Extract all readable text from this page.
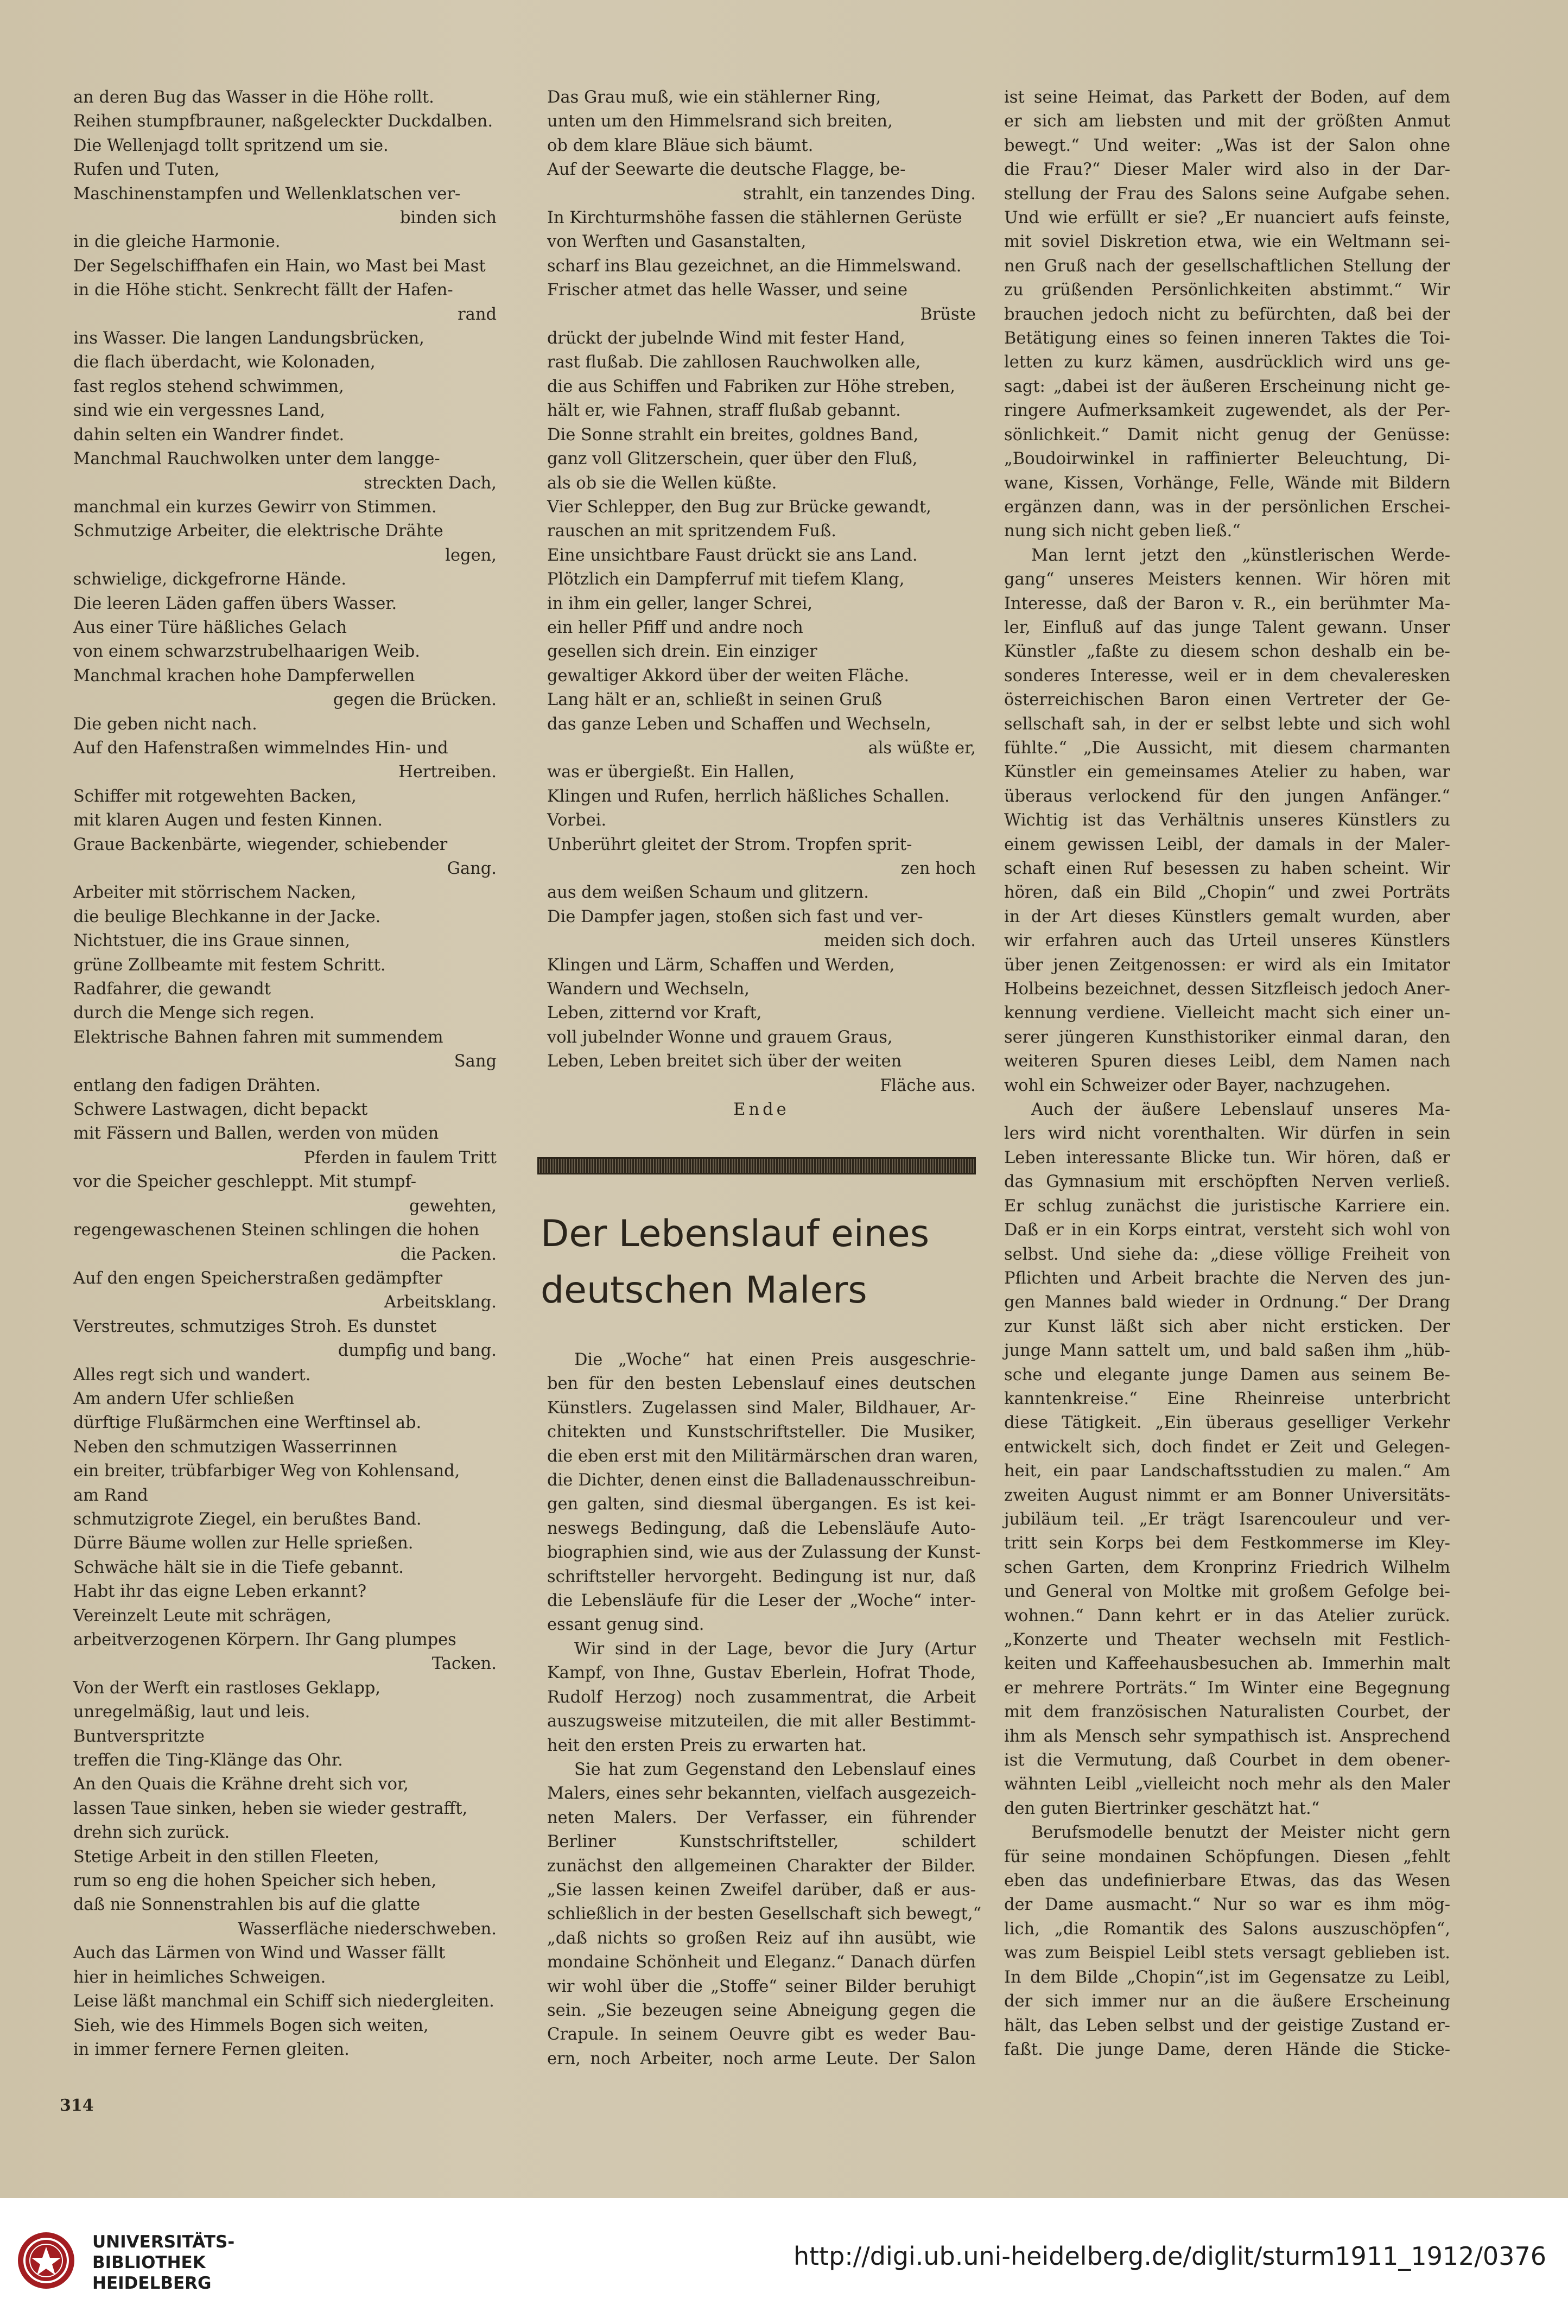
an deren Bug das Wasser in die Höhe rollt.

Reihen stumpfbrauner, naßgeleckter Duckdalben.

Die Wellenjagd tollt spritzend um sie.

Rufen und Tuten,

Maschinenstampfen und Wellenklatschen ver-

binden sich

in die gleiche Harmonie.

Der Segelschiffhafen ein Hain, wo Mast bei Mast

in die Höhe sticht. Senkrecht fällt der Hafen-

rand

ins Wasser. Die langen Landungsbrücken,

die flach überdacht, wie Kolonaden,

fast reglos stehend schwimmen,

sind wie ein vergessnes Land,

dahin selten ein Wandrer findet.

Manchmal Rauchwolken unter dem langge-

streckten Dach,

manchmal ein kurzes Gewirr von Stimmen.

Schmutzige Arbeiter, die elektrische Drähte

legen,

schwielige, dickgefrorne Hände.

Die leeren Läden gaffen übers Wasser.

Aus einer Türe häßliches Gelach

von einem schwarzstrubelhaarigen Weib.

Manchmal krachen hohe Dampferwellen

gegen die Brücken.

Die geben nicht nach.

Auf den Hafenstraßen wimmelndes Hin- und

Hertreiben.

Schiffer mit rotgewehten Backen,

mit klaren Augen und festen Kinnen.

Graue Backenbärte, wiegender, schiebender

Gang.

Arbeiter mit störrischem Nacken,

die beulige Blechkanne in der Jacke.

Nichtstuer, die ins Graue sinnen,

grüne Zollbeamte mit festem Schritt.

Radfahrer, die gewandt

durch die Menge sich regen.

Elektrische Bahnen fahren mit summendem

Sang

entlang den fadigen Drähten.

Schwere Lastwagen, dicht bepackt

mit Fässern und Ballen, werden von müden

Pferden in faulem Tritt

vor die Speicher geschleppt. Mit stumpf-

gewehten,

regengewaschenen Steinen schlingen die hohen

die Packen.

Auf den engen Speicherstraßen gedämpfter

Arbeitsklang.

Verstreutes, schmutziges Stroh. Es dunstet

dumpfig und bang.

Alles regt sich und wandert.

Am andern Ufer schließen

dürftige Flußärmchen eine Werftinsel ab.

Neben den schmutzigen Wasserrinnen

ein breiter, trübfarbiger Weg von Kohlensand,

am Rand

schmutzigrote Ziegel, ein berußtes Band.

Dürre Bäume wollen zur Helle sprießen.

Schwäche hält sie in die Tiefe gebannt.

Habt ihr das eigne Leben erkannt?

Vereinzelt Leute mit schrägen,

arbeitverzogenen Körpern. Ihr Gang plumpes

Tacken.

Von der Werft ein rastloses Geklapp,

unregelmäßig, laut und leis.

Buntverspritzte

treffen die Ting-Klänge das Ohr.

An den Quais die Krähne dreht sich vor,

lassen Taue sinken, heben sie wieder gestrafft,

drehn sich zurück.

Stetige Arbeit in den stillen Fleeten,

rum so eng die hohen Speicher sich heben,

daß nie Sonnenstrahlen bis auf die glatte

Wasserfläche niederschweben.

Auch das Lärmen von Wind und Wasser fällt

hier in heimliches Schweigen.

Leise läßt manchmal ein Schiff sich niedergleiten.

Sieh, wie des Himmels Bogen sich weiten,

in immer fernere Fernen gleiten.

Das Grau muß, wie ein stählerner Ring,

unten um den Himmelsrand sich breiten,

ob dem klare Bläue sich bäumt.

Auf der Seewarte die deutsche Flagge, be-

strahlt, ein tanzendes Ding.

In Kirchturmshöhe fassen die stählernen Gerüste

von Werften und Gasanstalten,

scharf ins Blau gezeichnet, an die Himmelswand.

Frischer atmet das helle Wasser, und seine

Brüste

drückt der jubelnde Wind mit fester Hand,

rast flußab. Die zahllosen Rauchwolken alle,

die aus Schiffen und Fabriken zur Höhe streben,

hält er, wie Fahnen, straff flußab gebannt.

Die Sonne strahlt ein breites, goldnes Band,

ganz voll Glitzerschein, quer über den Fluß,

als ob sie die Wellen küßte.

Vier Schlepper, den Bug zur Brücke gewandt,

rauschen an mit spritzendem Fuß.

Eine unsichtbare Faust drückt sie ans Land.

Plötzlich ein Dampferruf mit tiefem Klang,

in ihm ein geller, langer Schrei,

ein heller Pfiff und andre noch

gesellen sich drein. Ein einziger

gewaltiger Akkord über der weiten Fläche.

Lang hält er an, schließt in seinen Gruß

das ganze Leben und Schaffen und Wechseln,

als wüßte er,

was er übergießt. Ein Hallen,

Klingen und Rufen, herrlich häßliches Schallen.

Vorbei.

Unberührt gleitet der Strom. Tropfen sprit-

zen hoch

aus dem weißen Schaum und glitzern.

Die Dampfer jagen, stoßen sich fast und ver-

meiden sich doch.

Klingen und Lärm, Schaffen und Werden,

Wandern und Wechseln,

Leben, zitternd vor Kraft,

voll jubelnder Wonne und grauem Graus,

Leben, Leben breitet sich über der weiten

Fläche aus.

Ende

Der Lebenslauf eines
deutschen Malers
Die „Woche“ hat einen Preis ausgeschrie-
ben für den besten Lebenslauf eines deutschen
Künstlers. Zugelassen sind Maler, Bildhauer, Ar-
chitekten und Kunstschriftsteller. Die Musiker,
die eben erst mit den Militärmärschen dran waren,
die Dichter, denen einst die Balladenausschreibun-
gen galten, sind diesmal übergangen. Es ist kei-
neswegs Bedingung, daß die Lebensläufe Auto-
biographien sind, wie aus der Zulassung der Kunst-
schriftsteller hervorgeht. Bedingung ist nur, daß
die Lebensläufe für die Leser der „Woche“ inter-
essant genug sind.
Wir sind in der Lage, bevor die Jury (Artur
Kampf, von Ihne, Gustav Eberlein, Hofrat Thode,
Rudolf Herzog) noch zusammentrat, die Arbeit
auszugsweise mitzuteilen, die mit aller Bestimmt-
heit den ersten Preis zu erwarten hat.
Sie hat zum Gegenstand den Lebenslauf eines
Malers, eines sehr bekannten, vielfach ausgezeich-
neten Malers. Der Verfasser, ein führender
Berliner Kunstschriftsteller, schildert
zunächst den allgemeinen Charakter der Bilder.
„Sie lassen keinen Zweifel darüber, daß er aus-
schließlich in der besten Gesellschaft sich bewegt,“
„daß nichts so großen Reiz auf ihn ausübt, wie
mondaine Schönheit und Eleganz.“ Danach dürfen
wir wohl über die „Stoffe“ seiner Bilder beruhigt
sein. „Sie bezeugen seine Abneigung gegen die
Crapule. In seinem Oeuvre gibt es weder Bau-
ern, noch Arbeiter, noch arme Leute. Der Salon
ist seine Heimat, das Parkett der Boden, auf dem
er sich am liebsten und mit der größten Anmut
bewegt.“ Und weiter: „Was ist der Salon ohne
die Frau?“ Dieser Maler wird also in der Dar-
stellung der Frau des Salons seine Aufgabe sehen.
Und wie erfüllt er sie? „Er nuanciert aufs feinste,
mit soviel Diskretion etwa, wie ein Weltmann sei-
nen Gruß nach der gesellschaftlichen Stellung der
zu grüßenden Persönlichkeiten abstimmt.“ Wir
brauchen jedoch nicht zu befürchten, daß bei der
Betätigung eines so feinen inneren Taktes die Toi-
letten zu kurz kämen, ausdrücklich wird uns ge-
sagt: „dabei ist der äußeren Erscheinung nicht ge-
ringere Aufmerksamkeit zugewendet, als der Per-
sönlichkeit.“ Damit nicht genug der Genüsse:
„Boudoirwinkel in raffinierter Beleuchtung, Di-
wane, Kissen, Vorhänge, Felle, Wände mit Bildern
ergänzen dann, was in der persönlichen Erschei-
nung sich nicht geben ließ.“
Man lernt jetzt den „künstlerischen Werde-
gang“ unseres Meisters kennen. Wir hören mit
Interesse, daß der Baron v. R., ein berühmter Ma-
ler, Einfluß auf das junge Talent gewann. Unser
Künstler „faßte zu diesem schon deshalb ein be-
sonderes Interesse, weil er in dem chevaleresken
österreichischen Baron einen Vertreter der Ge-
sellschaft sah, in der er selbst lebte und sich wohl
fühlte.“ „Die Aussicht, mit diesem charmanten
Künstler ein gemeinsames Atelier zu haben, war
überaus verlockend für den jungen Anfänger.“
Wichtig ist das Verhältnis unseres Künstlers zu
einem gewissen Leibl, der damals in der Maler-
schaft einen Ruf besessen zu haben scheint. Wir
hören, daß ein Bild „Chopin“ und zwei Porträts
in der Art dieses Künstlers gemalt wurden, aber
wir erfahren auch das Urteil unseres Künstlers
über jenen Zeitgenossen: er wird als ein Imitator
Holbeins bezeichnet, dessen Sitzfleisch jedoch Aner-
kennung verdiene. Vielleicht macht sich einer un-
serer jüngeren Kunsthistoriker einmal daran, den
weiteren Spuren dieses Leibl, dem Namen nach
wohl ein Schweizer oder Bayer, nachzugehen.
Auch der äußere Lebenslauf unseres Ma-
lers wird nicht vorenthalten. Wir dürfen in sein
Leben interessante Blicke tun. Wir hören, daß er
das Gymnasium mit erschöpften Nerven verließ.
Er schlug zunächst die juristische Karriere ein.
Daß er in ein Korps eintrat, versteht sich wohl von
selbst. Und siehe da: „diese völlige Freiheit von
Pflichten und Arbeit brachte die Nerven des jun-
gen Mannes bald wieder in Ordnung.“ Der Drang
zur Kunst läßt sich aber nicht ersticken. Der
junge Mann sattelt um, und bald saßen ihm „hüb-
sche und elegante junge Damen aus seinem Be-
kanntenkreise.“ Eine Rheinreise unterbricht
diese Tätigkeit. „Ein überaus geselliger Verkehr
entwickelt sich, doch findet er Zeit und Gelegen-
heit, ein paar Landschaftsstudien zu malen.“ Am
zweiten August nimmt er am Bonner Universitäts-
jubiläum teil. „Er trägt Isarencouleur und ver-
tritt sein Korps bei dem Festkommerse im Kley-
schen Garten, dem Kronprinz Friedrich Wilhelm
und General von Moltke mit großem Gefolge bei-
wohnen.“ Dann kehrt er in das Atelier zurück.
„Konzerte und Theater wechseln mit Festlich-
keiten und Kaffeehausbesuchen ab. Immerhin malt
er mehrere Porträts.“ Im Winter eine Begegnung
mit dem französischen Naturalisten Courbet, der
ihm als Mensch sehr sympathisch ist. Ansprechend
ist die Vermutung, daß Courbet in dem obener-
wähnten Leibl „vielleicht noch mehr als den Maler
den guten Biertrinker geschätzt hat.“
Berufsmodelle benutzt der Meister nicht gern
für seine mondainen Schöpfungen. Diesen „fehlt
eben das undefinierbare Etwas, das das Wesen
der Dame ausmacht.“ Nur so war es ihm mög-
lich, „die Romantik des Salons auszuschöpfen“,
was zum Beispiel Leibl stets versagt geblieben ist.
In dem Bilde „Chopin“,ist im Gegensatze zu Leibl,
der sich immer nur an die äußere Erscheinung
hält, das Leben selbst und der geistige Zustand er-
faßt. Die junge Dame, deren Hände die Sticke-
314
UNIVERSITÄTS-
BIBLIOTHEK
HEIDELBERG
http://digi.ub.uni-heidelberg.de/diglit/sturm1911_1912/0376
